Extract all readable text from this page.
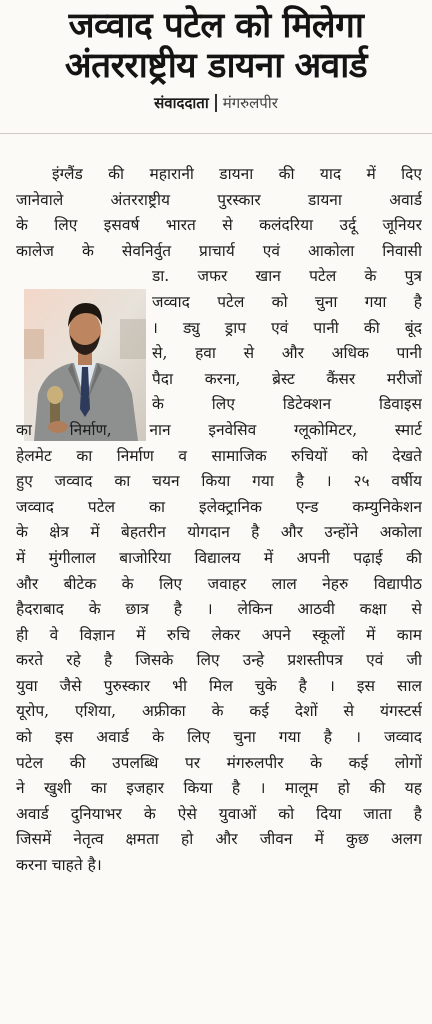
जव्वाद पटेल को मिलेगा
अंतरराष्ट्रीय डायना अवार्ड
संवाददाता मंगरुलपीर
इंग्लैंड की महारानी डायना की याद में दिए
जानेवाले अंतरराष्ट्रीय पुरस्कार डायना अवार्ड
के लिए इसवर्ष भारत से कलंदरिया उर्दू जूनियर
कालेज के सेवनिर्वुत प्राचार्य एवं आकोला निवासी
डा. जफर खान पटेल के पुत्र
जव्वाद पटेल को चुना गया है
। ड्यु ड्राप एवं पानी की बूंद
से, हवा से और अधिक पानी
पैदा करना, ब्रेस्ट कैंसर मरीजों
के लिए डिटेक्शन डिवाइस
का निर्माण, नान इनवेसिव ग्लूकोमिटर, स्मार्ट
हेलमेट का निर्माण व सामाजिक रुचियों को देखते
हुए जव्वाद का चयन किया गया है । २५ वर्षीय
जव्वाद पटेल का इलेक्ट्रानिक एन्ड कम्युनिकेशन
के क्षेत्र में बेहतरीन योगदान है और उन्होंने अकोला
में मुंगीलाल बाजोरिया विद्यालय में अपनी पढ़ाई की
और बीटेक के लिए जवाहर लाल नेहरु विद्यापीठ
हैदराबाद के छात्र है । लेकिन आठवी कक्षा से
ही वे विज्ञान में रुचि लेकर अपने स्कूलों में काम
करते रहे है जिसके लिए उन्हे प्रशस्तीपत्र एवं जी
युवा जैसे पुरुस्कार भी मिल चुके है । इस साल
यूरोप, एशिया, अफ्रीका के कई देशों से यंगस्टर्स
को इस अवार्ड के लिए चुना गया है । जव्वाद
पटेल की उपलब्धि पर मंगरुलपीर के कई लोगों
ने खुशी का इजहार किया है । मालूम हो की यह
अवार्ड दुनियाभर के ऐसे युवाओं को दिया जाता है
जिसमें नेतृत्व क्षमता हो और जीवन में कुछ अलग
करना चाहते है।
